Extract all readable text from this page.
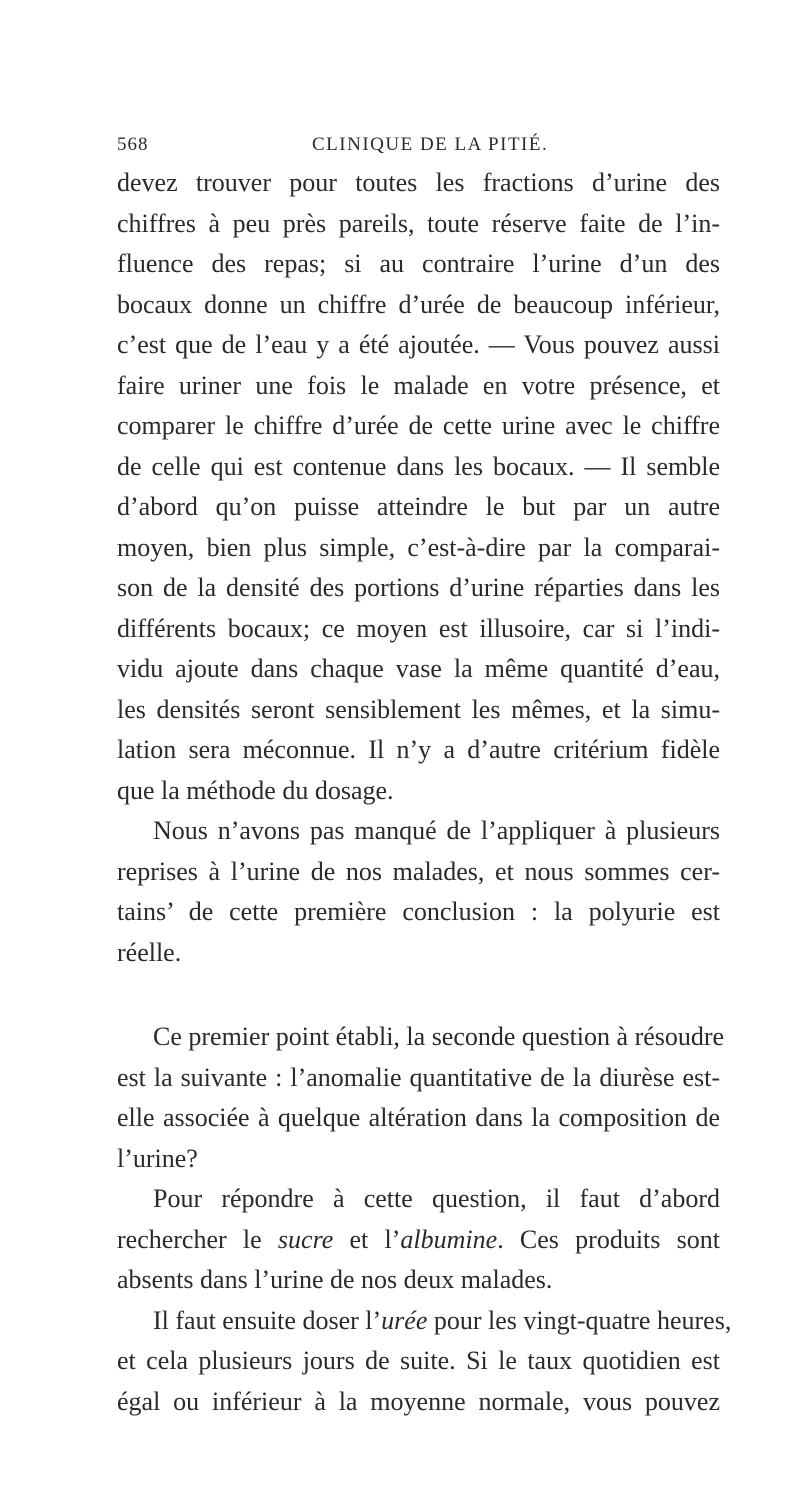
568	CLINIQUE DE LA PITIÉ.
devez trouver pour toutes les fractions d’urine des
chiffres à peu près pareils, toute réserve faite de l’in-
fluence des repas; si au contraire l’urine d’un des
bocaux donne un chiffre d’urée de beaucoup inférieur,
c’est que de l’eau y a été ajoutée. — Vous pouvez aussi
faire uriner une fois le malade en votre présence, et
comparer le chiffre d’urée de cette urine avec le chiffre
de celle qui est contenue dans les bocaux. — Il semble
d’abord qu’on puisse atteindre le but par un autre
moyen, bien plus simple, c’est-à-dire par la comparai-
son de la densité des portions d’urine réparties dans les
différents bocaux; ce moyen est illusoire, car si l’indi-
vidu ajoute dans chaque vase la même quantité d’eau,
les densités seront sensiblement les mêmes, et la simu-
lation sera méconnue. Il n’y a d’autre critérium fidèle
que la méthode du dosage.
Nous n’avons pas manqué de l’appliquer à plusieurs
reprises à l’urine de nos malades, et nous sommes cer-
tains’ de cette première conclusion : la polyurie est
réelle.
Ce premier point établi, la seconde question à résoudre
est la suivante : l’anomalie quantitative de la diurèse est-
elle associée à quelque altération dans la composition de
l’urine?
Pour répondre à cette question, il faut d’abord
rechercher le sucre et l’albumine. Ces produits sont
absents dans l’urine de nos deux malades.
Il faut ensuite doser l’urée pour les vingt-quatre heures,
et cela plusieurs jours de suite. Si le taux quotidien est
égal ou inférieur à la moyenne normale, vous pouvez
